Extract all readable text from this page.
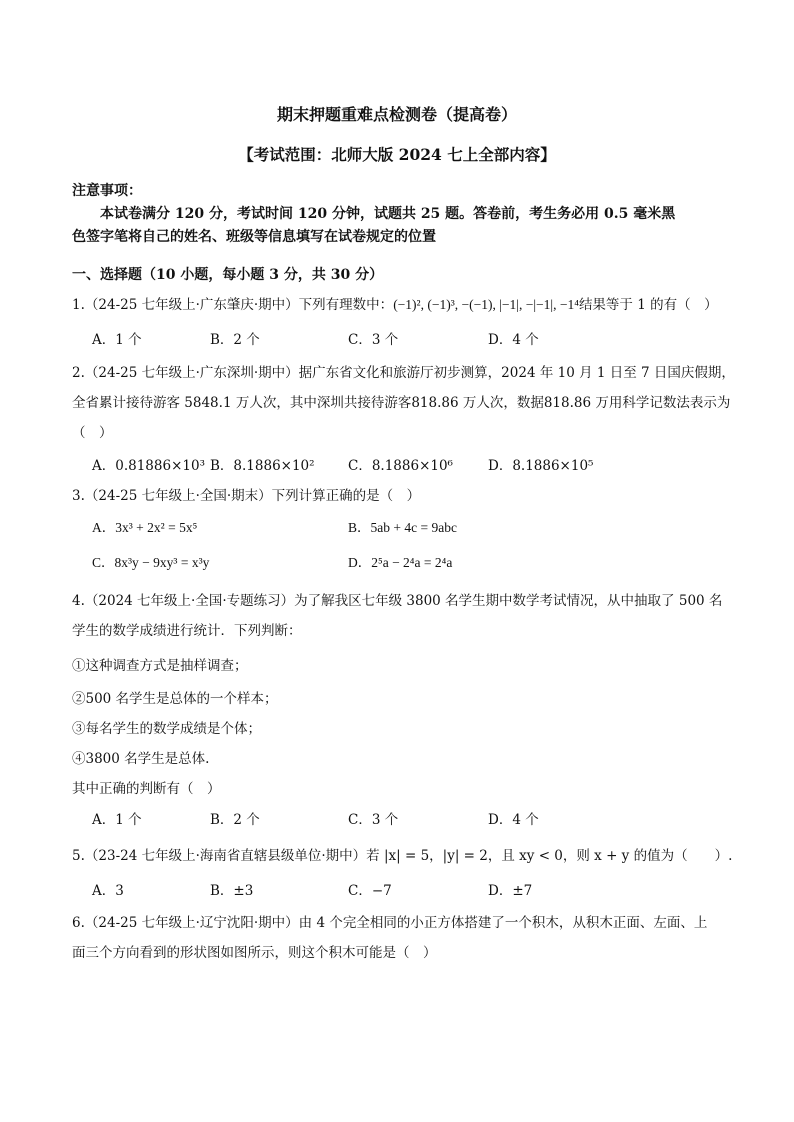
期末押题重难点检测卷（提高卷）
【考试范围：北师大版 2024 七上全部内容】
注意事项：
本试卷满分 120 分，考试时间 120 分钟，试题共 25 题。答卷前，考生务必用 0.5 毫米黑
色签字笔将自己的姓名、班级等信息填写在试卷规定的位置
一、选择题（10 小题，每小题 3 分，共 30 分）
1.（24-25 七年级上·广东肇庆·期中）下列有理数中：(−1)², (−1)³, −(−1), |−1|, −|−1|, −1⁴结果等于 1 的有（　）
A．1 个	B．2 个	C．3 个	D．4 个
2.（24-25 七年级上·广东深圳·期中）据广东省文化和旅游厅初步测算，2024 年 10 月 1 日至 7 日国庆假期，
全省累计接待游客 5848.1 万人次，其中深圳共接待游客818.86 万人次，数据818.86 万用科学记数法表示为
（　）
A．0.81886×10³ B．8.1886×10² C．8.1886×10⁶	D．8.1886×10⁵
3.（24-25 七年级上·全国·期末）下列计算正确的是（　）
A．3x³ + 2x² = 5x⁵	B．5ab + 4c = 9abc
C．8x³y − 9xy³ = x³y	D．2⁵a − 2⁴a = 2⁴a
4.（2024 七年级上·全国·专题练习）为了解我区七年级 3800 名学生期中数学考试情况，从中抽取了 500 名
学生的数学成绩进行统计．下列判断：
①这种调查方式是抽样调查；
②500 名学生是总体的一个样本；
③每名学生的数学成绩是个体；
④3800 名学生是总体.
其中正确的判断有（　）
A．1 个	B．2 个	C．3 个	D．4 个
5.（23-24 七年级上·海南省直辖县级单位·期中）若 |x| = 5，|y| = 2，且 xy < 0，则 x + y 的值为（　　）.
A．3	B．±3	C．−7	D．±7
6.（24-25 七年级上·辽宁沈阳·期中）由 4 个完全相同的小正方体搭建了一个积木，从积木正面、左面、上
面三个方向看到的形状图如图所示，则这个积木可能是（　）
